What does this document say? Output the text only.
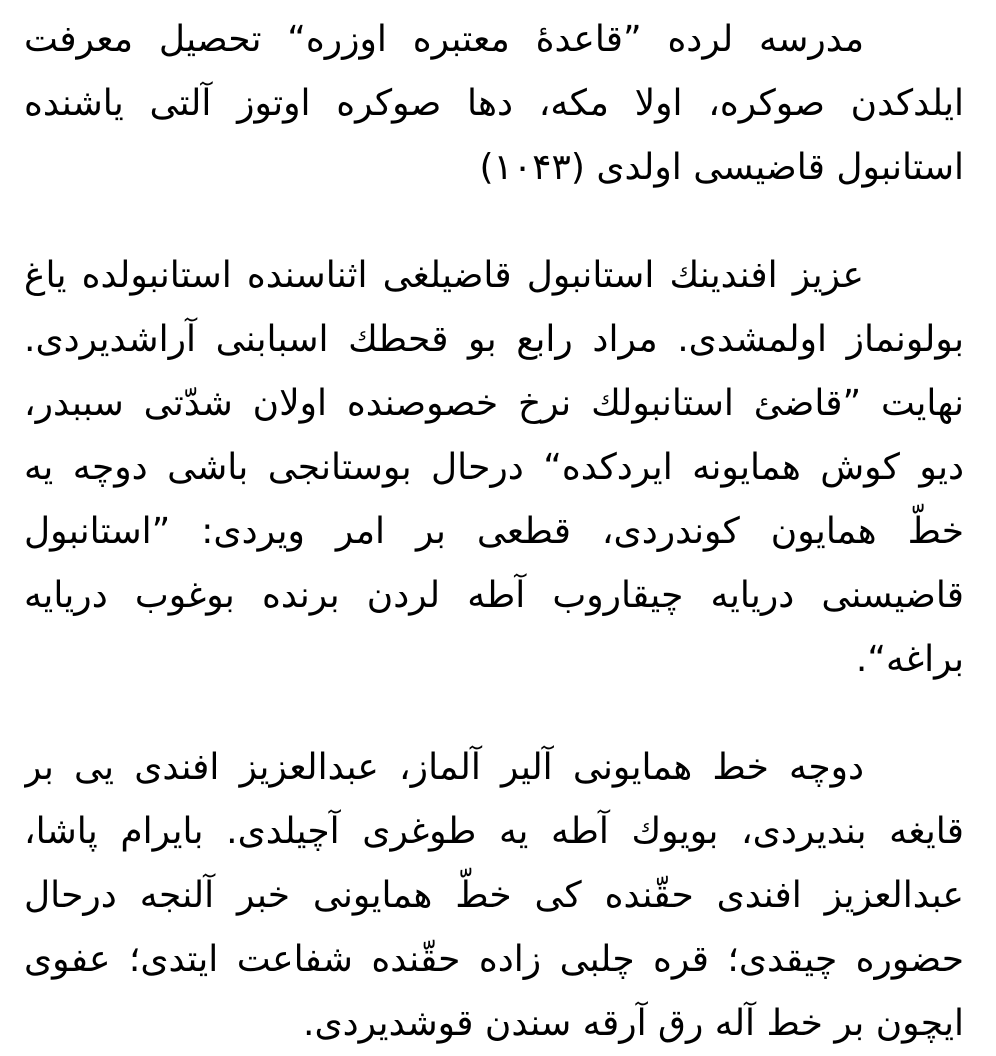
مدرسه لرده ”قاعدهٔ معتبره اوزره“ تحصیل معرفت
ایلدکدن صوکره، اولا مکه، دها صوکره اوتوز آلتی یاشنده
استانبول قاضیسی اولدی (۱۰۴۳)
عزیز افندینك استانبول قاضیلغی اثناسنده استانبولده یاغ
بولونماز اولمشدی. مراد رابع بو قحطك اسبابنی آراشدیردی.
نهایت ”قاضئ استانبولك نرخ خصوصنده اولان شدّتی سببدر،
دیو کوش همایونه ایردکده“ درحال بوستانجی باشی دوچه یه
خطّ همایون کوندردی، قطعی بر امر ویردی: ”استانبول
قاضیسنی دریایه چیقاروب آطه لردن برنده بوغوب دریایه
براغه“.
دوچه خط همایونی آلیر آلماز، عبدالعزیز افندی یی بر
قایغه بندیردی، بویوك آطه یه طوغری آچیلدی. بایرام پاشا،
عبدالعزیز افندی حقّنده کی خطّ همایونی خبر آلنجه درحال
حضوره چیقدی؛ قره چلبی زاده حقّنده شفاعت ایتدی؛ عفوی
ایچون بر خط آله رق آرقه سندن قوشدیردی.
